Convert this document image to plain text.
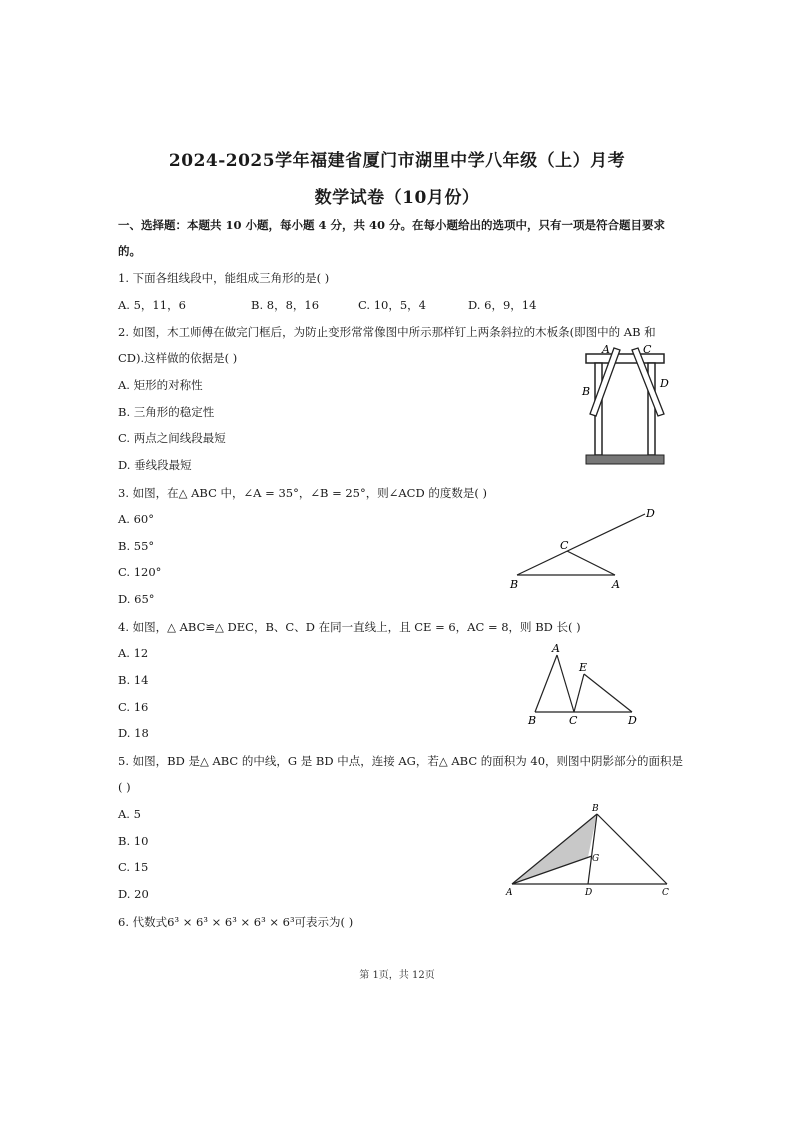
2024-2025学年福建省厦门市湖里中学八年级（上）月考
数学试卷（10月份）
一、选择题：本题共 10 小题，每小题 4 分，共 40 分。在每小题给出的选项中，只有一项是符合题目要求
的。
1. 下面各组线段中，能组成三角形的是( )
A. 5，11，6	B. 8，8，16	C. 10，5，4	D. 6，9，14
2. 如图，木工师傅在做完门框后，为防止变形常常像图中所示那样钉上两条斜拉的木板条(即图中的 AB 和
CD).这样做的依据是( )
A. 矩形的对称性
B. 三角形的稳定性
C. 两点之间线段最短
D. 垂线段最短
A	C
B
D
3. 如图，在△ ABC 中，∠A = 35°，∠B = 25°，则∠ACD 的度数是( )
A. 60°
B. 55°
C. 120°
D. 65°
D
C
B	A
4. 如图，△ ABC≌△ DEC，B、C、D 在同一直线上，且 CE = 6，AC = 8，则 BD 长( )
A. 12
B. 14
C. 16
D. 18
A
E
B	C	D
5. 如图，BD 是△ ABC 的中线，G 是 BD 中点，连接 AG，若△ ABC 的面积为 40，则图中阴影部分的面积是
( )
A. 5
B. 10
C. 15
D. 20
B
G
A	D	C
6. 代数式6³ × 6³ × 6³ × 6³ × 6³可表示为( )
第 1页，共 12页
